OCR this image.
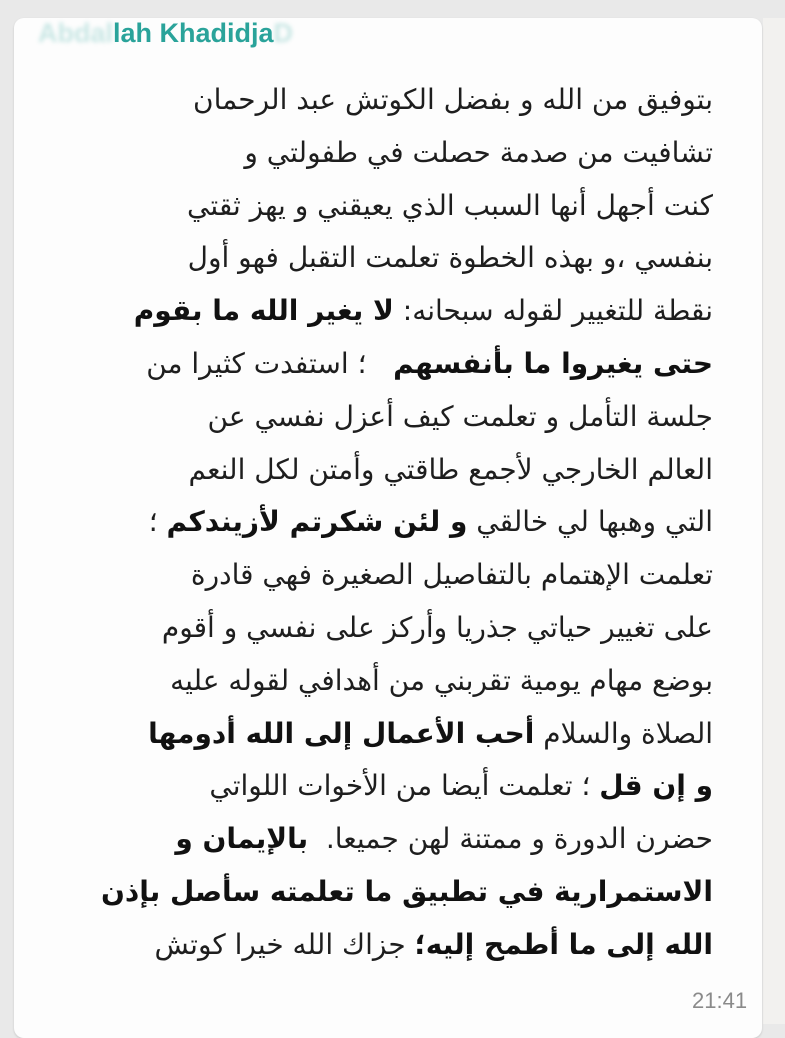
Abdallah KhadidjaD
بتوفيق من الله و بفضل الكوتش عبد الرحمان
تشافيت من صدمة حصلت في طفولتي و
كنت أجهل أنها السبب الذي يعيقني و يهز ثقتي
بنفسي ،و بهذه الخطوة تعلمت التقبل فهو أول
نقطة للتغيير لقوله سبحانه: لا يغير الله ما بقوم
حتى يغيروا ما بأنفسهم   ؛ استفدت كثيرا من
جلسة التأمل و تعلمت كيف أعزل نفسي عن
العالم الخارجي لأجمع طاقتي وأمتن لكل النعم
التي وهبها لي خالقي و لئن شكرتم لأزيندكم ؛
تعلمت الإهتمام بالتفاصيل الصغيرة فهي قادرة
على تغيير حياتي جذريا وأركز على نفسي و أقوم
بوضع مهام يومية تقربني من أهدافي لقوله عليه
الصلاة والسلام أحب الأعمال إلى الله أدومها
و إن قل ؛ تعلمت أيضا من الأخوات اللواتي
حضرن الدورة و ممتنة لهن جميعا.  بالإيمان و
الاستمرارية في تطبيق ما تعلمته سأصل بإذن
الله إلى ما أطمح إليه؛ جزاك الله خيرا كوتش
21:41
